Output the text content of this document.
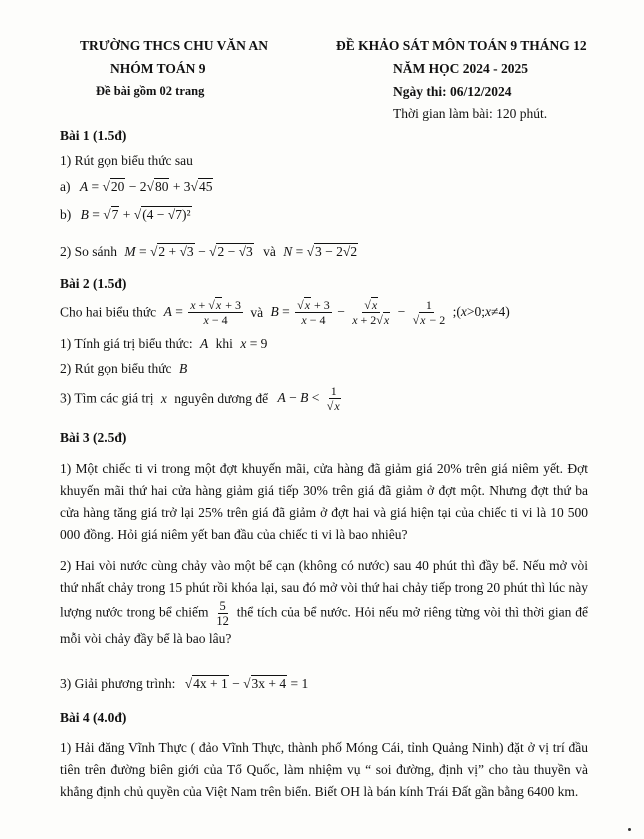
TRƯỜNG THCS CHU VĂN AN
NHÓM TOÁN 9
Đề bài gồm 02 trang
ĐỀ KHẢO SÁT MÔN TOÁN 9 THÁNG 12
NĂM HỌC 2024 - 2025
Ngày thi: 06/12/2024
Thời gian làm bài: 120 phút.
Bài 1 (1.5đ)
1) Rút gọn biểu thức sau
a) A = √20 − 2√80 + 3√45
b) B = √7 + √(4 − √7)²
2) So sánh M = √2 + √3 − √2 − √3 và N = √3 − 2√2
Bài 2 (1.5đ)
Cho hai biểu thức $A = \frac{x + √x + 3}{x - 4}$ và $B = \frac{√x + 3}{x - 4} - \frac{√x}{x + 2√x} - \frac{1}{√x - 2}$ ;(x>0;x≠4)
1) Tính giá trị biểu thức: A khi x = 9
2) Rút gọn biểu thức B
3) Tìm các giá trị x nguyên dương để $A - B < \frac{1}{√x}$
Bài 3 (2.5đ)
1) Một chiếc ti vi trong một đợt khuyến mãi, cửa hàng đã giảm giá 20% trên giá niêm yết. Đợt khuyến mãi thứ hai cửa hàng giảm giá tiếp 30% trên giá đã giảm ở đợt một. Nhưng đợt thứ ba cửa hàng tăng giá trở lại 25% trên giá đã giảm ở đợt hai và giá hiện tại của chiếc ti vi là 10 500 000 đồng. Hỏi giá niêm yết ban đầu của chiếc ti vi là bao nhiêu?
2) Hai vòi nước cùng chảy vào một bể cạn (không có nước) sau 40 phút thì đầy bể. Nếu mở vòi thứ nhất chảy trong 15 phút rồi khóa lại, sau đó mở vòi thứ hai chảy tiếp trong 20 phút thì lúc này lượng nước trong bể chiếm $\frac{5}{12}$ thể tích của bể nước. Hỏi nếu mở riêng từng vòi thì thời gian để mỗi vòi chảy đầy bể là bao lâu?
3) Giải phương trình: √4x + 1 − √3x + 4 = 1
Bài 4 (4.0đ)
1) Hải đăng Vĩnh Thực ( đảo Vĩnh Thực, thành phố Móng Cái, tỉnh Quảng Ninh) đặt ở vị trí đầu tiên trên đường biên giới của Tổ Quốc, làm nhiệm vụ “ soi đường, định vị” cho tàu thuyền và khẳng định chủ quyền của Việt Nam trên biển. Biết OH là bán kính Trái Đất gần bằng 6400 km.
